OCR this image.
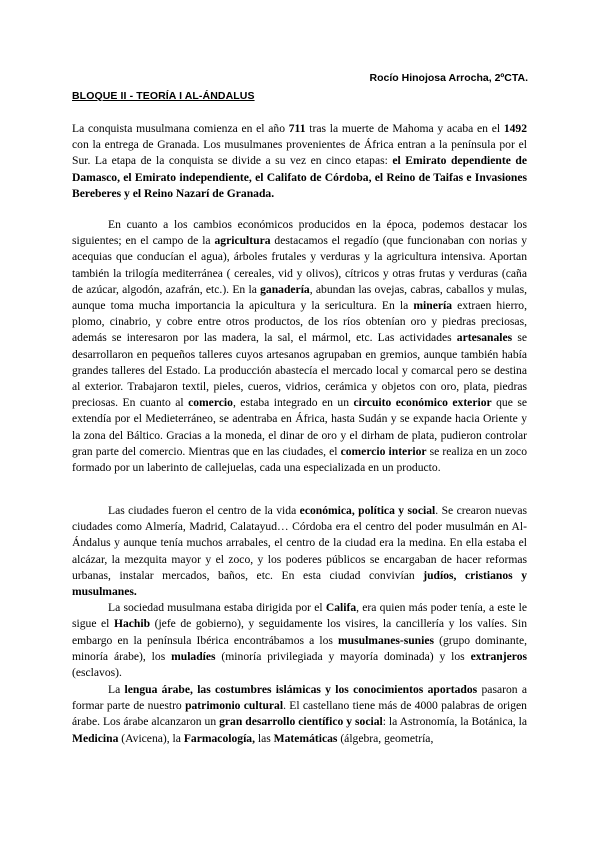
Rocío Hinojosa Arrocha, 2ºCTA.
BLOQUE II - TEORÍA I AL-ÁNDALUS

La conquista musulmana comienza en el año 711 tras la muerte de Mahoma y acaba en el 1492 con la entrega de Granada. Los musulmanes provenientes de África entran a la península por el Sur. La etapa de la conquista se divide a su vez en cinco etapas: el Emirato dependiente de Damasco, el Emirato independiente, el Califato de Córdoba, el Reino de Taifas e Invasiones Bereberes y el Reino Nazarí de Granada.

En cuanto a los cambios económicos producidos en la época, podemos destacar los siguientes; en el campo de la agricultura destacamos el regadío (que funcionaban con norias y acequias que conducían el agua), árboles frutales y verduras y la agricultura intensiva. Aportan también la trilogía mediterránea ( cereales, vid y olivos), cítricos y otras frutas y verduras (caña de azúcar, algodón, azafrán, etc.). En la ganadería, abundan las ovejas, cabras, caballos y mulas, aunque toma mucha importancia la apicultura y la sericultura. En la minería extraen hierro, plomo, cinabrio, y cobre entre otros productos, de los ríos obtenían oro y piedras preciosas, además se interesaron por las madera, la sal, el mármol, etc. Las actividades artesanales se desarrollaron en pequeños talleres cuyos artesanos agrupaban en gremios, aunque también había grandes talleres del Estado. La producción abastecía el mercado local y comarcal pero se destina al exterior. Trabajaron textil, pieles, cueros, vidrios, cerámica y objetos con oro, plata, piedras preciosas. En cuanto al comercio, estaba integrado en un circuito económico exterior que se extendía por el Medieterráneo, se adentraba en África, hasta Sudán y se expande hacia Oriente y la zona del Báltico. Gracias a la moneda, el dinar de oro y el dirham de plata, pudieron controlar gran parte del comercio. Mientras que en las ciudades, el comercio interior se realiza en un zoco formado por un laberinto de callejuelas, cada una especializada en un producto.

Las ciudades fueron el centro de la vida económica, política y social. Se crearon nuevas ciudades como Almería, Madrid, Calatayud… Córdoba era el centro del poder musulmán en Al- Ándalus y aunque tenía muchos arrabales, el centro de la ciudad era la medina. En ella estaba el alcázar, la mezquita mayor y el zoco, y los poderes públicos se encargaban de hacer reformas urbanas, instalar mercados, baños, etc. En esta ciudad convivían judíos, cristianos y musulmanes.

La sociedad musulmana estaba dirigida por el Califa, era quien más poder tenía, a este le sigue el Hachib (jefe de gobierno), y seguidamente los visires, la cancillería y los valíes. Sin embargo en la península Ibérica encontrábamos a los musulmanes-sunies (grupo dominante, minoría árabe), los muladíes (minoría privilegiada y mayoría dominada) y los extranjeros (esclavos).

La lengua árabe, las costumbres islámicas y los conocimientos aportados pasaron a formar parte de nuestro patrimonio cultural. El castellano tiene más de 4000 palabras de origen árabe. Los árabe alcanzaron un gran desarrollo científico y social: la Astronomía, la Botánica, la Medicina (Avicena), la Farmacología, las Matemáticas (álgebra, geometría,
